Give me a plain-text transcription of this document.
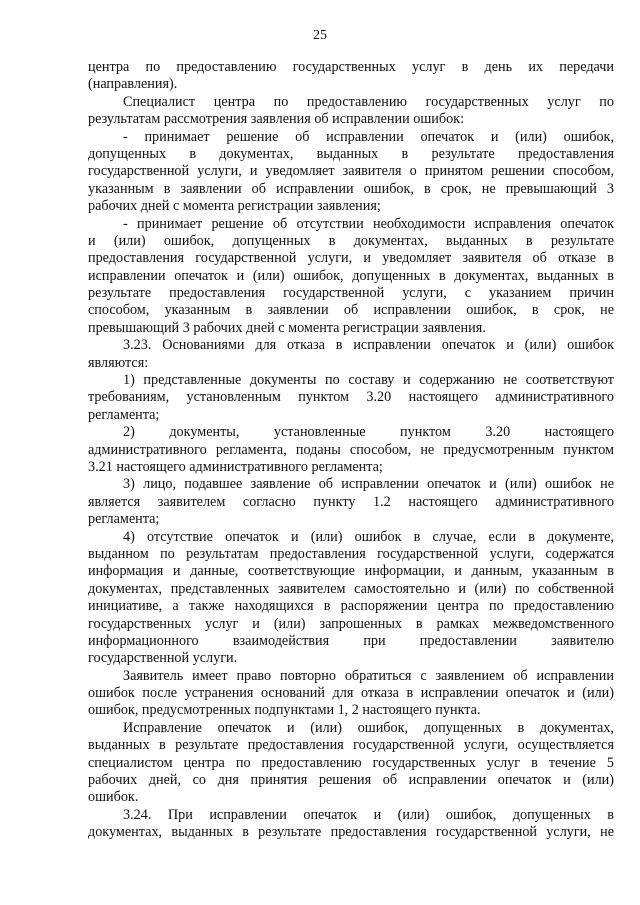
25
центра по предоставлению государственных услуг в день их передачи
(направления).
Специалист центра по предоставлению государственных услуг по
результатам рассмотрения заявления об исправлении ошибок:
- принимает решение об исправлении опечаток и (или) ошибок,
допущенных в документах, выданных в результате предоставления
государственной услуги, и уведомляет заявителя о принятом решении способом,
указанным в заявлении об исправлении ошибок, в срок, не превышающий 3
рабочих дней с момента регистрации заявления;
- принимает решение об отсутствии необходимости исправления опечаток
и (или) ошибок, допущенных в документах, выданных в результате
предоставления государственной услуги, и уведомляет заявителя об отказе в
исправлении опечаток и (или) ошибок, допущенных в документах, выданных в
результате предоставления государственной услуги, с указанием причин
способом, указанным в заявлении об исправлении ошибок, в срок, не
превышающий 3 рабочих дней с момента регистрации заявления.
3.23. Основаниями для отказа в исправлении опечаток и (или) ошибок
являются:
1) представленные документы по составу и содержанию не соответствуют
требованиям, установленным пунктом 3.20 настоящего административного
регламента;
2) документы, установленные пунктом 3.20 настоящего
административного регламента, поданы способом, не предусмотренным пунктом
3.21 настоящего административного регламента;
3) лицо, подавшее заявление об исправлении опечаток и (или) ошибок не
является заявителем согласно пункту 1.2 настоящего административного
регламента;
4) отсутствие опечаток и (или) ошибок в случае, если в документе,
выданном по результатам предоставления государственной услуги, содержатся
информация и данные, соответствующие информации, и данным, указанным в
документах, представленных заявителем самостоятельно и (или) по собственной
инициативе, а также находящихся в распоряжении центра по предоставлению
государственных услуг и (или) запрошенных в рамках межведомственного
информационного взаимодействия при предоставлении заявителю
государственной услуги.
Заявитель имеет право повторно обратиться с заявлением об исправлении
ошибок после устранения оснований для отказа в исправлении опечаток и (или)
ошибок, предусмотренных подпунктами 1, 2 настоящего пункта.
Исправление опечаток и (или) ошибок, допущенных в документах,
выданных в результате предоставления государственной услуги, осуществляется
специалистом центра по предоставлению государственных услуг в течение 5
рабочих дней, со дня принятия решения об исправлении опечаток и (или)
ошибок.
3.24. При исправлении опечаток и (или) ошибок, допущенных в
документах, выданных в результате предоставления государственной услуги, не
